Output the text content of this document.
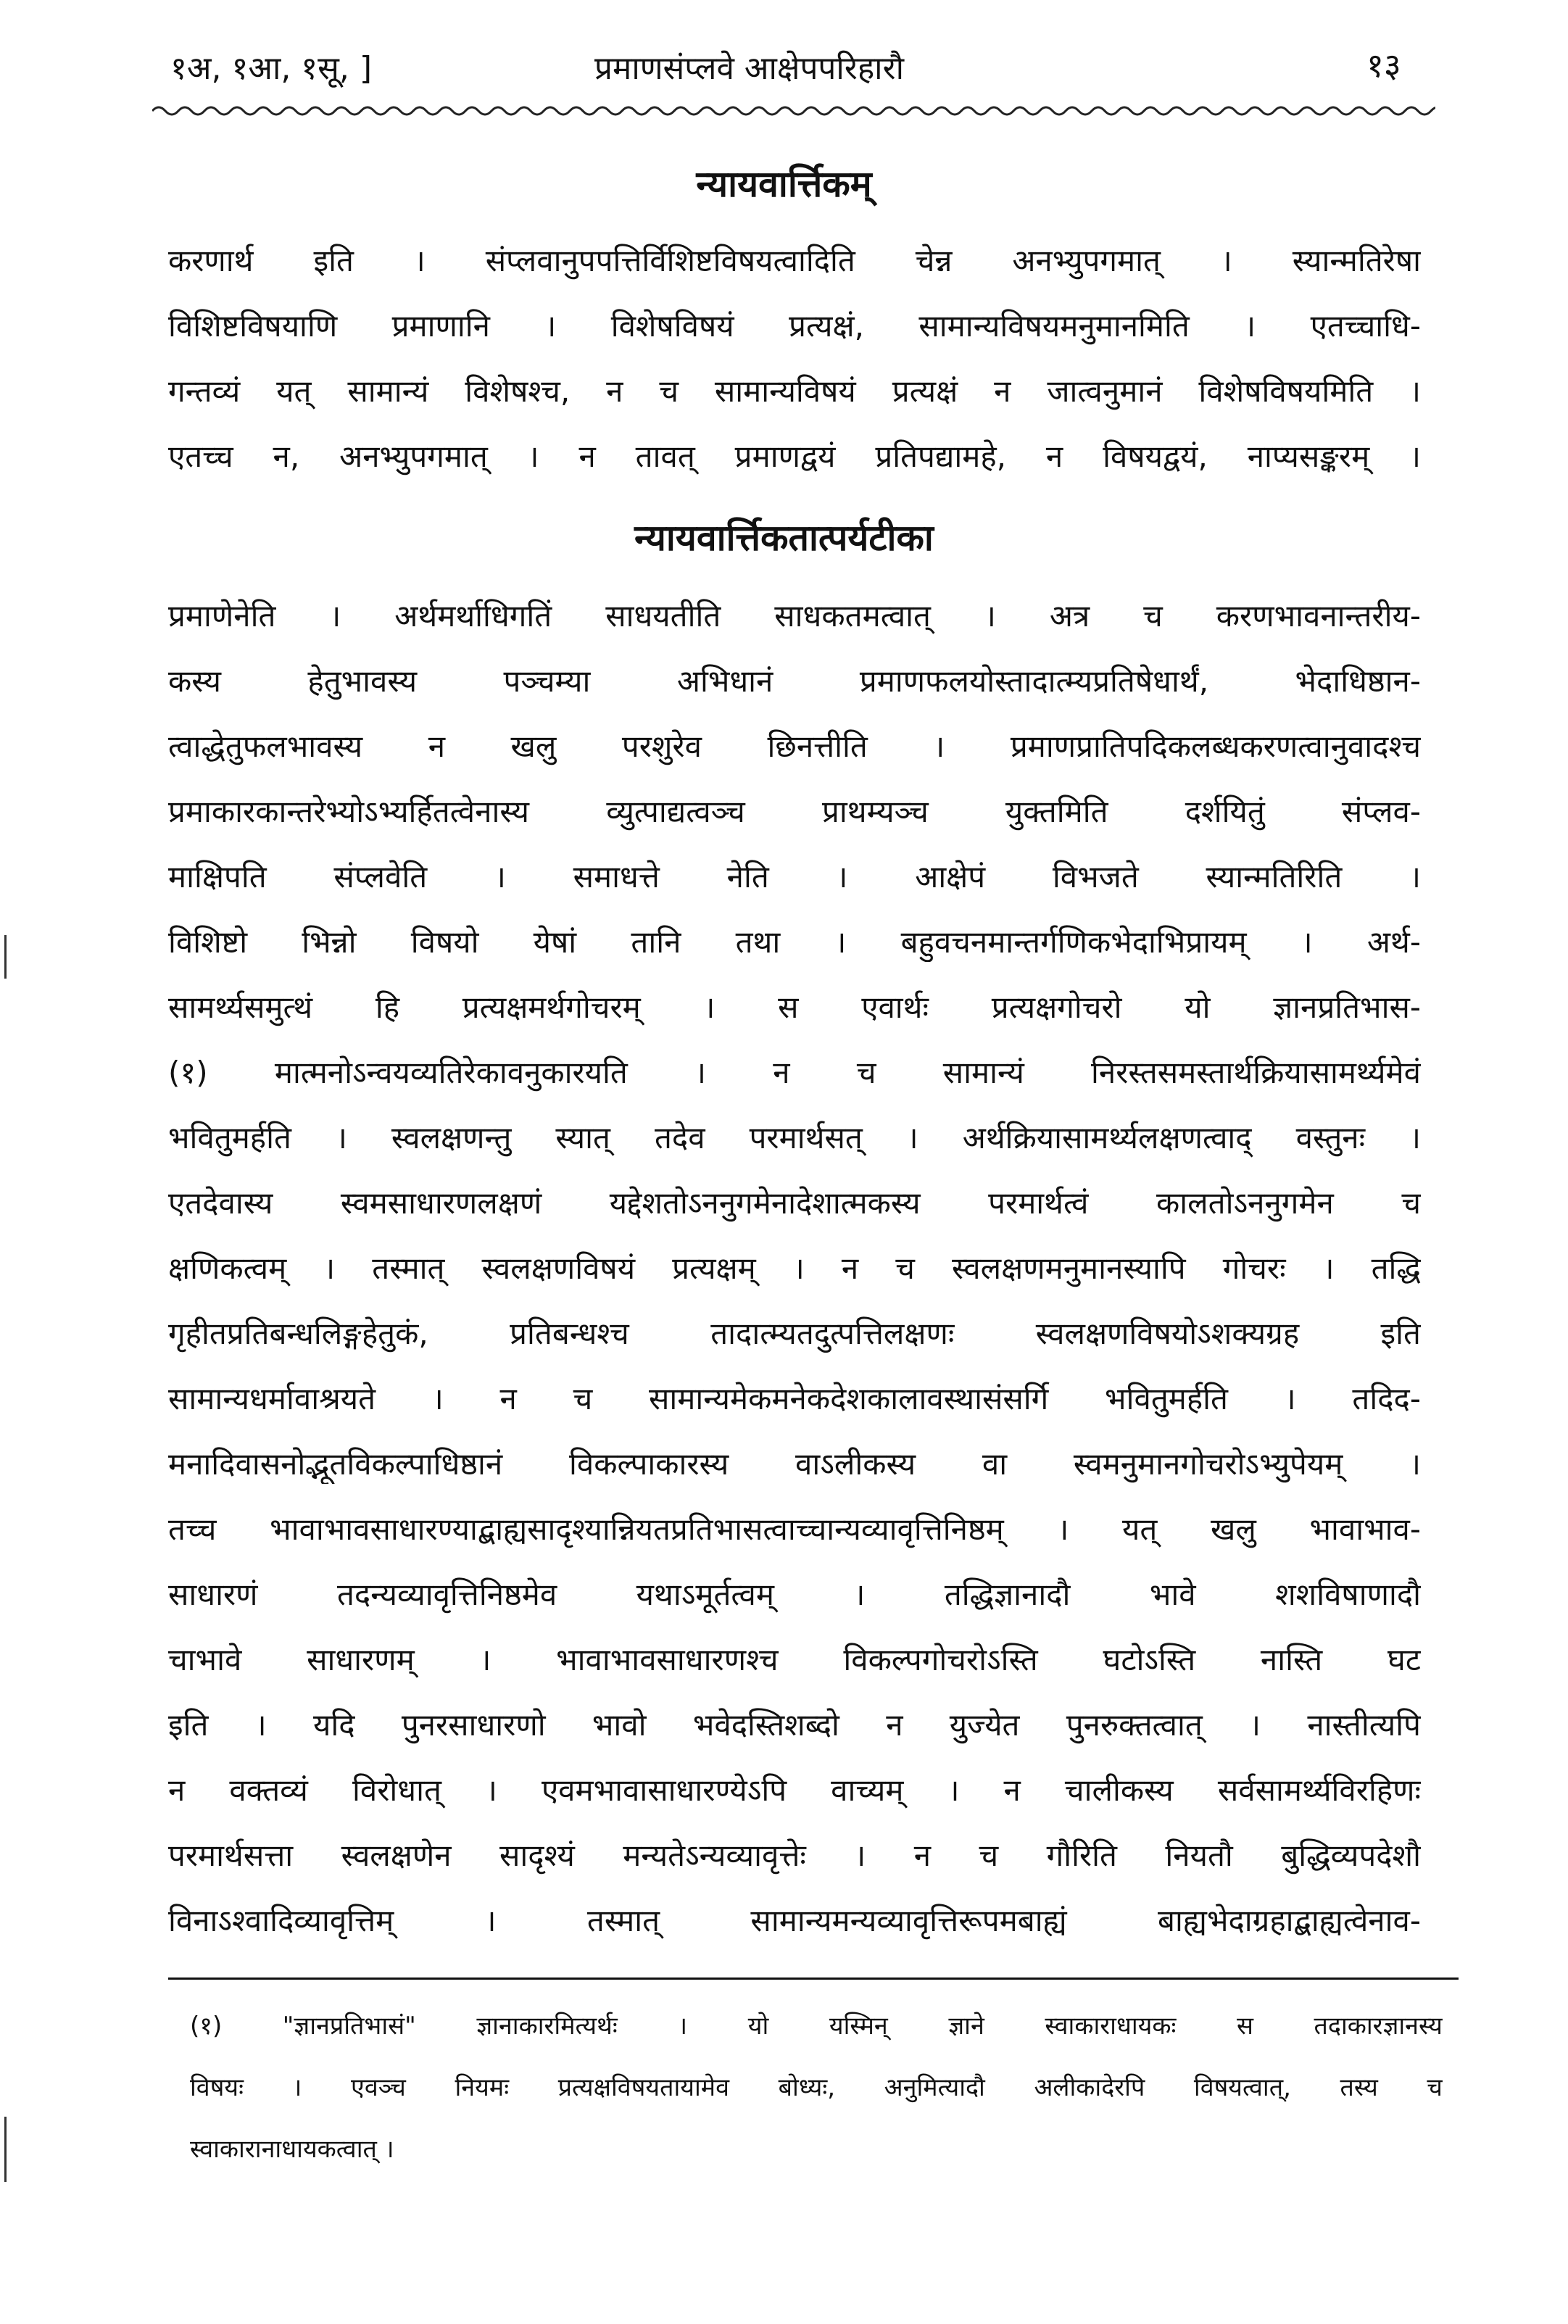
१अ, १आ, १सू, ]	प्रमाणसंप्लवे आक्षेपपरिहारौ	१३
न्यायवार्त्तिकम्
करणार्थ इति । संप्लवानुपपत्तिर्विशिष्टविषयत्वादिति चेन्न अनभ्युपगमात् । स्यान्मतिरेषा
विशिष्टविषयाणि प्रमाणानि । विशेषविषयं प्रत्यक्षं, सामान्यविषयमनुमानमिति । एतच्चाधि-
गन्तव्यं यत् सामान्यं विशेषश्च, न च सामान्यविषयं प्रत्यक्षं न जात्वनुमानं विशेषविषयमिति ।
एतच्च न, अनभ्युपगमात् । न तावत् प्रमाणद्वयं प्रतिपद्यामहे, न विषयद्वयं, नाप्यसङ्करम् ।
न्यायवार्त्तिकतात्पर्यटीका
प्रमाणेनेति । अर्थमर्थाधिगतिं साधयतीति साधकतमत्वात् । अत्र च करणभावनान्तरीय-
कस्य हेतुभावस्य पञ्चम्या अभिधानं प्रमाणफलयोस्तादात्म्यप्रतिषेधार्थं, भेदाधिष्ठान-
त्वाद्धेतुफलभावस्य न खलु परशुरेव छिनत्तीति । प्रमाणप्रातिपदिकलब्धकरणत्वानुवादश्च
प्रमाकारकान्तरेभ्योऽभ्यर्हितत्वेनास्य व्युत्पाद्यत्वञ्च प्राथम्यञ्च युक्तमिति दर्शयितुं संप्लव-
माक्षिपति संप्लवेति । समाधत्ते नेति । आक्षेपं विभजते स्यान्मतिरिति ।
विशिष्टो भिन्नो विषयो येषां तानि तथा । बहुवचनमान्तर्गणिकभेदाभिप्रायम् । अर्थ-
सामर्थ्यसमुत्थं हि प्रत्यक्षमर्थगोचरम् । स एवार्थः प्रत्यक्षगोचरो यो ज्ञानप्रतिभास-
(१) मात्मनोऽन्वयव्यतिरेकावनुकारयति । न च सामान्यं निरस्तसमस्तार्थक्रियासामर्थ्यमेवं
भवितुमर्हति । स्वलक्षणन्तु स्यात् तदेव परमार्थसत् । अर्थक्रियासामर्थ्यलक्षणत्वाद् वस्तुनः ।
एतदेवास्य स्वमसाधारणलक्षणं यद्देशतोऽननुगमेनादेशात्मकस्य परमार्थत्वं कालतोऽननुगमेन च
क्षणिकत्वम् । तस्मात् स्वलक्षणविषयं प्रत्यक्षम् । न च स्वलक्षणमनुमानस्यापि गोचरः । तद्धि
गृहीतप्रतिबन्धलिङ्गहेतुकं, प्रतिबन्धश्च तादात्म्यतदुत्पत्तिलक्षणः स्वलक्षणविषयोऽशक्यग्रह इति
सामान्यधर्मावाश्रयते । न च सामान्यमेकमनेकदेशकालावस्थासंसर्गि भवितुमर्हति । तदिद-
मनादिवासनोद्भूतविकल्पाधिष्ठानं विकल्पाकारस्य वाऽलीकस्य वा स्वमनुमानगोचरोऽभ्युपेयम् ।
तच्च भावाभावसाधारण्याद्बाह्यसादृश्यान्नियतप्रतिभासत्वाच्चान्यव्यावृत्तिनिष्ठम् । यत् खलु भावाभाव-
साधारणं तदन्यव्यावृत्तिनिष्ठमेव यथाऽमूर्तत्वम् । तद्धिज्ञानादौ भावे शशविषाणादौ
चाभावे साधारणम् । भावाभावसाधारणश्च विकल्पगोचरोऽस्ति घटोऽस्ति नास्ति घट
इति । यदि पुनरसाधारणो भावो भवेदस्तिशब्दो न युज्येत पुनरुक्तत्वात् । नास्तीत्यपि
न वक्तव्यं विरोधात् । एवमभावासाधारण्येऽपि वाच्यम् । न चालीकस्य सर्वसामर्थ्यविरहिणः
परमार्थसत्ता स्वलक्षणेन सादृश्यं मन्यतेऽन्यव्यावृत्तेः । न च गौरिति नियतौ बुद्धिव्यपदेशौ
विनाऽश्वादिव्यावृत्तिम् । तस्मात् सामान्यमन्यव्यावृत्तिरूपमबाह्यं बाह्यभेदाग्रहाद्बाह्यत्वेनाव-
(१) "ज्ञानप्रतिभासं" ज्ञानाकारमित्यर्थः । यो यस्मिन् ज्ञाने स्वाकाराधायकः स तदाकारज्ञानस्य
विषयः । एवञ्च नियमः प्रत्यक्षविषयतायामेव बोध्यः, अनुमित्यादौ अलीकादेरपि विषयत्वात्, तस्य च
स्वाकारानाधायकत्वात् ।
